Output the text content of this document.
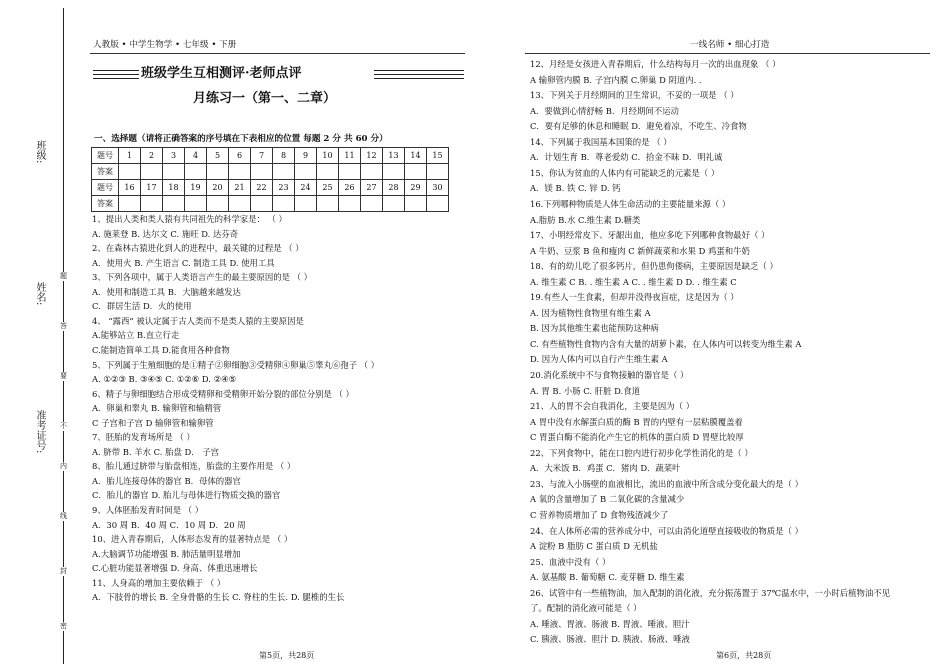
班级:
姓名:
准考证号:
题
答
要
不
内
线
封
密
人教版 • 中学生物学 • 七年级 • 下册	一线名师 • 细心打造
班级学生互相测评·老师点评
月练习一（第一、二章）
一、选择题（请将正确答案的序号填在下表相应的位置 每题 2 分 共 60 分）
题号	1	2	3	4	5	6	7	8	9	10	11	12	13	14	15
答案															
题号	16	17	18	19	20	21	22	23	24	25	26	27	28	29	30
答案															
1、提出人类和类人猿有共同祖先的科学家是： （ ）
A. 施莱登 B. 达尔文 C. 施旺 D. 达芬奇
2、在森林古猿进化到人的进程中，最关键的过程是 （ ）
A．使用火 B. 产生语言 C. 制造工具 D. 使用工具
3、下列各项中，属于人类语言产生的最主要原因的是 （ ）
A．使用和制造工具 B．大脑越来越发达
C．群居生活 D．火的使用
4、 “露西” 被认定属于古人类而不是类人猿的主要原因是
A.能够站立 B.直立行走
C.能制造简单工具 D.能食用各种食物
5、下列属于生殖细胞的是①精子②卵细胞③受精卵④卵巢⑤睾丸⑥孢子 （ ）
A. ①②③ B. ③④⑤ C. ①②⑥ D. ②④⑤
6、精子与卵细胞结合形成受精卵和受精卵开始分裂的部位分别是 （ ）
A．卵巢和睾丸 B. 输卵管和输精管
C 子宫和子宫 D 输卵管和输卵管
7、胚胎的发育场所是 （ ）
A. 脐带 B. 羊水 C. 胎盘 D． 子宫
8、胎儿通过脐带与胎盘相连，胎盘的主要作用是 （ ）
A．胎儿连接母体的器官 B．母体的器官
C．胎儿的器官 D. 胎儿与母体进行物质交换的器官
9、人体胚胎发育时间是 （ ）
A．30 周 B．40 周 C．10 周 D．20 周
10、进入青春期后，人体形态发育的显著特点是 （ ）
A.大脑调节功能增强 B. 肺活量明显增加
C.心脏功能显著增强 D. 身高、体重迅速增长
11、人身高的增加主要依赖于 （ ）
A．下肢骨的增长 B. 全身骨骼的生长 C. 脊柱的生长. D. 腿椎的生长
12、月经是女孩进入青春期后，什么结构每月一次的出血现象 （ ）
A 输卵管内膜 B. 子宫内膜 C.卵巢 D 阴道内. .
13、下列关于月经期间的卫生常识，不妥的一项是 （ ）
A．要做到心情舒畅 B．月经期间不运动
C．要有足够的休息和睡眠 D．避免着凉，不吃生、冷食物
14、下列属于我国基本国策的是 （ ）
A．计划生育 B．尊老爱幼 C．拾金不昧 D．明礼诚
15、你认为贫血的人体内有可能缺乏的元素是（ ）
A．镁 B. 铁 C. 锌 D. 钙
16.下列哪种物质是人体生命活动的主要能量来源（ ）
A.脂肪 B.水 C.维生素 D.糖类
17、小明经常皮下、牙龈出血，他应多吃下列哪种食物最好（ ）
A 牛奶、豆浆 B 鱼和瘦肉 C 新鲜蔬菜和水果 D 鸡蛋和牛奶
18、有的幼儿吃了很多钙片，但仍患佝偻病，主要原因是缺乏（ ）
A. 维生素 C B. . 维生素 A C. . 维生素 D D. . 维生素 C
19.有些人一生食素，但却并没得夜盲症，这是因为（ ）
A. 因为植物性食物里有维生素 A
B. 因为其他维生素也能预防这种病
C. 有些植物性食物内含有大量的胡萝卜素，在人体内可以转变为维生素 A
D. 因为人体内可以自行产生维生素 A
20.消化系统中不与食物接触的器官是（ ）
A. 胃 B. 小肠 C. 肝脏 D.食道
21、人的胃不会自我消化，主要是因为（ ）
A 胃中没有水解蛋白质的酶 B 胃的内壁有一层粘膜覆盖着
C 胃蛋白酶不能消化产生它的机体的蛋白质 D 胃壁比较厚
22、下列食物中，能在口腔内进行初步化学性消化的是（ ）
A．大米饭 B．鸡蛋 C．猪肉 D．蔬菜叶
23、与流入小肠壁的血液相比，流出的血液中所含成分变化最大的是（ ）
A 氧的含量增加了 B 二氧化碳的含量减少
C 营养物质增加了 D 食物残渣减少了
24、在人体所必需的营养成分中，可以由消化道壁直接吸收的物质是（ ）
A 淀粉 B 脂肪 C 蛋白质 D 无机盐
25、血液中没有（ ）
A. 氨基酸 B. 葡萄糖 C. 麦芽糖 D. 维生素
26、试管中有一些植物油，加入配制的消化液，充分振荡置于 37℃温水中，一小时后植物油不见
了。配制的消化液可能是（ ）
A. 唾液、胃液、肠液 B. 胃液、唾液、胆汁
C. 胰液、肠液、胆汁 D. 胰液、肠液、唾液
第5页，共28页	第6页，共28页
